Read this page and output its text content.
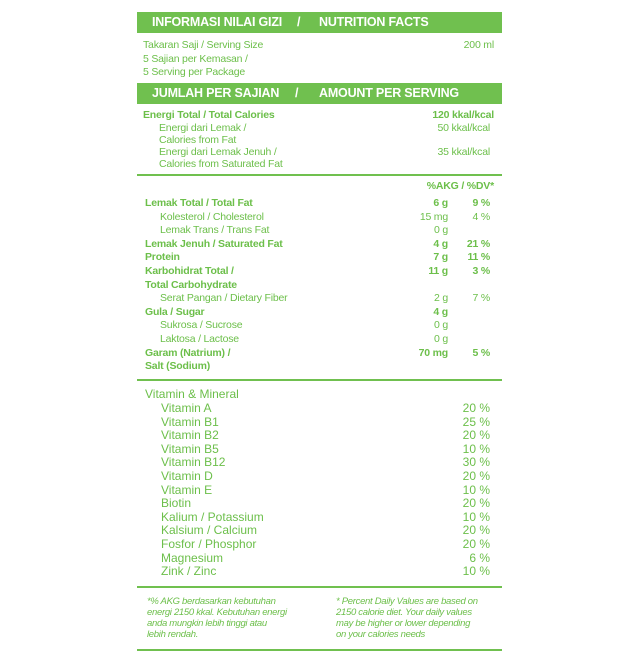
INFORMASI NILAI GIZI / NUTRITION FACTS
Takaran Saji / Serving Size	200 ml
5 Sajian per Kemasan /
5 Serving per Package
JUMLAH PER SAJIAN / AMOUNT PER SERVING
Energi Total / Total Calories	120 kkal/kcal
Energi dari Lemak /	50 kkal/kcal
Calories from Fat
Energi dari Lemak Jenuh /	35 kkal/kcal
Calories from Saturated Fat
%AKG / %DV*
Lemak Total / Total Fat	6 g 9 %
Kolesterol / Cholesterol	15 mg 4 %
Lemak Trans / Trans Fat	0 g
Lemak Jenuh / Saturated Fat	4 g 21 %
Protein	7 g 11 %
Karbohidrat Total /	11 g 3 %
Total Carbohydrate
Serat Pangan / Dietary Fiber	2 g 7 %
Gula / Sugar	4 g
Sukrosa / Sucrose	0 g
Laktosa / Lactose	0 g
Garam (Natrium) /	70 mg 5 %
Salt (Sodium)
Vitamin & Mineral
Vitamin A	20 %
Vitamin B1	25 %
Vitamin B2	20 %
Vitamin B5	10 %
Vitamin B12	30 %
Vitamin D	20 %
Vitamin E	10 %
Biotin	20 %
Kalium / Potassium	10 %
Kalsium / Calcium	20 %
Fosfor / Phosphor	20 %
Magnesium	6 %
Zink / Zinc	10 %
*% AKG berdasarkan kebutuhan
energi 2150 kkal. Kebutuhan energi
anda mungkin lebih tinggi atau
lebih rendah.
* Percent Daily Values are based on
2150 calorie diet. Your daily values
may be higher or lower depending
on your calories needs
